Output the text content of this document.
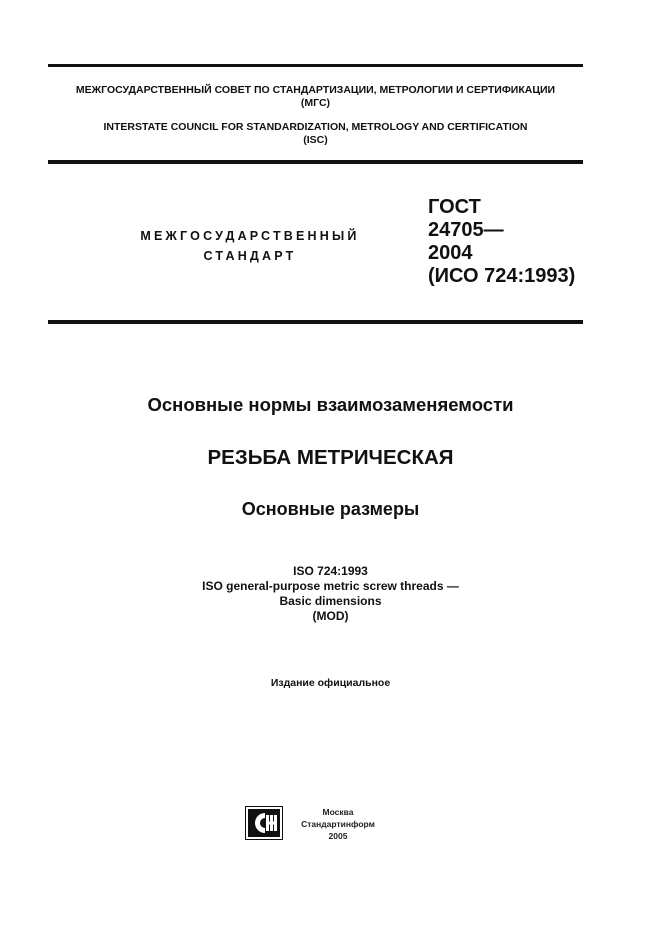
МЕЖГОСУДАРСТВЕННЫЙ СОВЕТ ПО СТАНДАРТИЗАЦИИ, МЕТРОЛОГИИ И СЕРТИФИКАЦИИ
(МГС)
INTERSTATE COUNCIL FOR STANDARDIZATION, METROLOGY AND CERTIFICATION
(ISC)
МЕЖГОСУДАРСТВЕННЫЙ
СТАНДАРТ
ГОСТ
24705—
2004
(ИСО 724:1993)
Основные нормы взаимозаменяемости
РЕЗЬБА МЕТРИЧЕСКАЯ
Основные размеры
ISO 724:1993
ISO general-purpose metric screw threads —
Basic dimensions
(MOD)
Издание официальное
Москва
Стандартинформ
2005
